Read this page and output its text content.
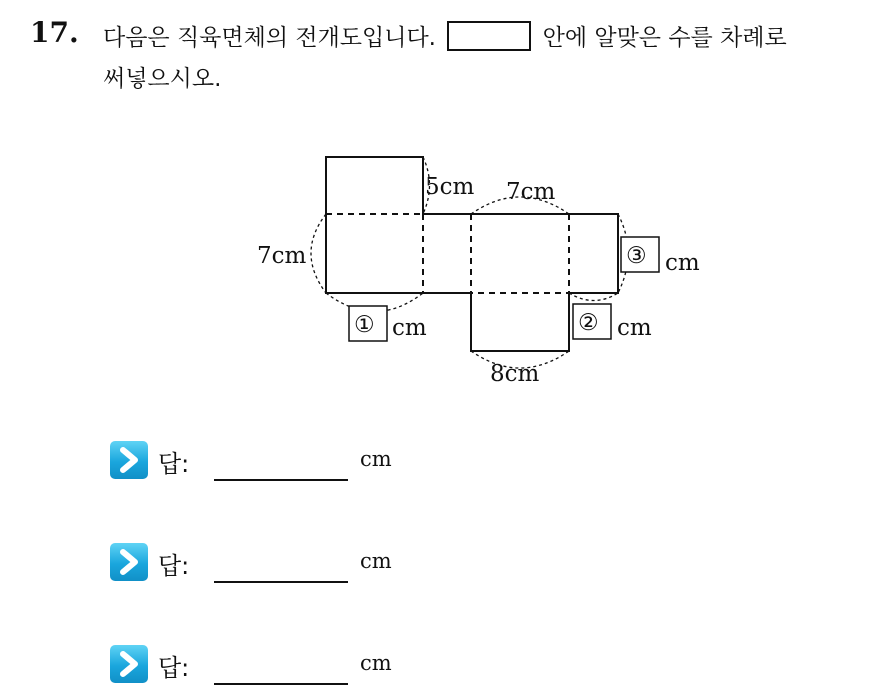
17. 다음은 직육면체의 전개도입니다.	안에 알맞은 수를 차례로
써넣으시오.
5cm 7cm
7cm
8cm
① cm	② cm
③ cm
답:	cm
답:	cm
답:	cm
